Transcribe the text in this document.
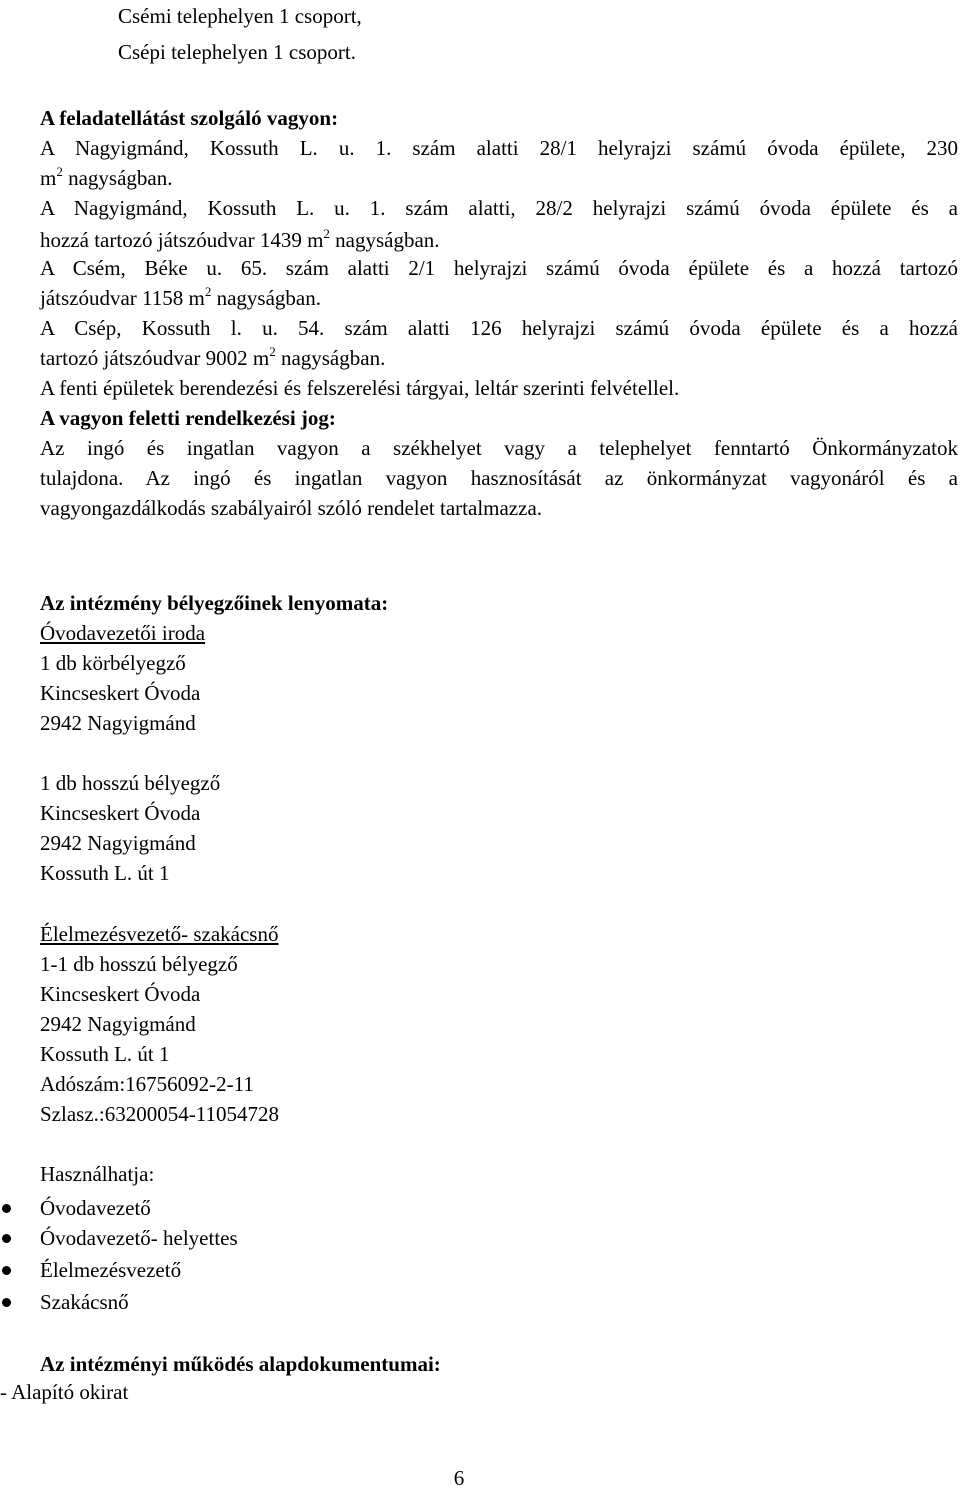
Csémi telephelyen 1 csoport,
Csépi telephelyen 1 csoport.
A feladatellátást szolgáló vagyon:
A Nagyigmánd, Kossuth L. u. 1. szám alatti 28/1 helyrajzi számú óvoda épülete, 230
$m^2$ nagyságban.
A Nagyigmánd, Kossuth L. u. 1. szám alatti, 28/2 helyrajzi számú óvoda épülete és a
hozzá tartozó játszóudvar 1439 $m^2$ nagyságban.
A Csém, Béke u. 65. szám alatti 2/1 helyrajzi számú óvoda épülete és a hozzá tartozó
játszóudvar 1158 $m^2$ nagyságban.
A Csép, Kossuth l. u. 54. szám alatti 126 helyrajzi számú óvoda épülete és a hozzá
tartozó játszóudvar 9002 $m^2$ nagyságban.
A fenti épületek berendezési és felszerelési tárgyai, leltár szerinti felvétellel.
A vagyon feletti rendelkezési jog:
Az ingó és ingatlan vagyon a székhelyet vagy a telephelyet fenntartó Önkormányzatok
tulajdona. Az ingó és ingatlan vagyon hasznosítását az önkormányzat vagyonáról és a
vagyongazdálkodás szabályairól szóló rendelet tartalmazza.
Az intézmény bélyegzőinek lenyomata:
Óvodavezetői iroda
1 db körbélyegző
Kincseskert Óvoda
2942 Nagyigmánd
1 db hosszú bélyegző
Kincseskert Óvoda
2942 Nagyigmánd
Kossuth L. út 1
Élelmezésvezető- szakácsnő
1-1 db hosszú bélyegző
Kincseskert Óvoda
2942 Nagyigmánd
Kossuth L. út 1
Adószám:16756092-2-11
Szlasz.:63200054-11054728
Használhatja:
Óvodavezető
Óvodavezető- helyettes
Élelmezésvezető
Szakácsnő
Az intézményi működés alapdokumentumai:
- Alapító okirat
6
